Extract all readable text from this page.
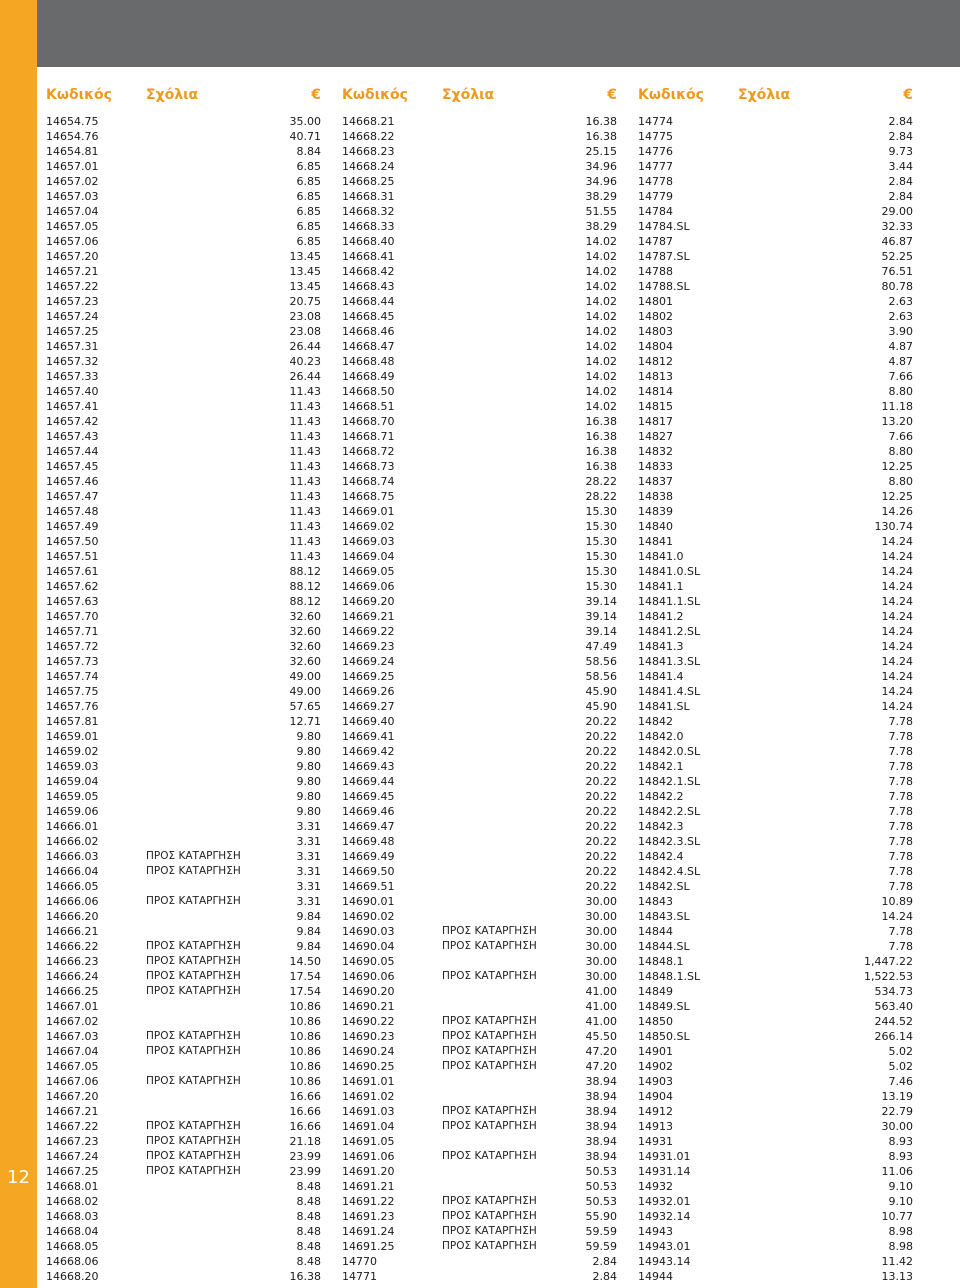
12
Κωδικός	Σχόλια	€
14654.75	35.00
14654.76	40.71
14654.81	8.84
14657.01	6.85
14657.02	6.85
14657.03	6.85
14657.04	6.85
14657.05	6.85
14657.06	6.85
14657.20	13.45
14657.21	13.45
14657.22	13.45
14657.23	20.75
14657.24	23.08
14657.25	23.08
14657.31	26.44
14657.32	40.23
14657.33	26.44
14657.40	11.43
14657.41	11.43
14657.42	11.43
14657.43	11.43
14657.44	11.43
14657.45	11.43
14657.46	11.43
14657.47	11.43
14657.48	11.43
14657.49	11.43
14657.50	11.43
14657.51	11.43
14657.61	88.12
14657.62	88.12
14657.63	88.12
14657.70	32.60
14657.71	32.60
14657.72	32.60
14657.73	32.60
14657.74	49.00
14657.75	49.00
14657.76	57.65
14657.81	12.71
14659.01	9.80
14659.02	9.80
14659.03	9.80
14659.04	9.80
14659.05	9.80
14659.06	9.80
14666.01	3.31
14666.02	3.31
14666.03	ΠΡΟΣ ΚΑΤΑΡΓΗΣΗ	3.31
14666.04	ΠΡΟΣ ΚΑΤΑΡΓΗΣΗ	3.31
14666.05	3.31
14666.06	ΠΡΟΣ ΚΑΤΑΡΓΗΣΗ	3.31
14666.20	9.84
14666.21	9.84
14666.22	ΠΡΟΣ ΚΑΤΑΡΓΗΣΗ	9.84
14666.23	ΠΡΟΣ ΚΑΤΑΡΓΗΣΗ	14.50
14666.24	ΠΡΟΣ ΚΑΤΑΡΓΗΣΗ	17.54
14666.25	ΠΡΟΣ ΚΑΤΑΡΓΗΣΗ	17.54
14667.01	10.86
14667.02	10.86
14667.03	ΠΡΟΣ ΚΑΤΑΡΓΗΣΗ	10.86
14667.04	ΠΡΟΣ ΚΑΤΑΡΓΗΣΗ	10.86
14667.05	10.86
14667.06	ΠΡΟΣ ΚΑΤΑΡΓΗΣΗ	10.86
14667.20	16.66
14667.21	16.66
14667.22	ΠΡΟΣ ΚΑΤΑΡΓΗΣΗ	16.66
14667.23	ΠΡΟΣ ΚΑΤΑΡΓΗΣΗ	21.18
14667.24	ΠΡΟΣ ΚΑΤΑΡΓΗΣΗ	23.99
14667.25	ΠΡΟΣ ΚΑΤΑΡΓΗΣΗ	23.99
14668.01	8.48
14668.02	8.48
14668.03	8.48
14668.04	8.48
14668.05	8.48
14668.06	8.48
14668.20	16.38
Κωδικός	Σχόλια	€
14668.21	16.38
14668.22	16.38
14668.23	25.15
14668.24	34.96
14668.25	34.96
14668.31	38.29
14668.32	51.55
14668.33	38.29
14668.40	14.02
14668.41	14.02
14668.42	14.02
14668.43	14.02
14668.44	14.02
14668.45	14.02
14668.46	14.02
14668.47	14.02
14668.48	14.02
14668.49	14.02
14668.50	14.02
14668.51	14.02
14668.70	16.38
14668.71	16.38
14668.72	16.38
14668.73	16.38
14668.74	28.22
14668.75	28.22
14669.01	15.30
14669.02	15.30
14669.03	15.30
14669.04	15.30
14669.05	15.30
14669.06	15.30
14669.20	39.14
14669.21	39.14
14669.22	39.14
14669.23	47.49
14669.24	58.56
14669.25	58.56
14669.26	45.90
14669.27	45.90
14669.40	20.22
14669.41	20.22
14669.42	20.22
14669.43	20.22
14669.44	20.22
14669.45	20.22
14669.46	20.22
14669.47	20.22
14669.48	20.22
14669.49	20.22
14669.50	20.22
14669.51	20.22
14690.01	30.00
14690.02	30.00
14690.03	ΠΡΟΣ ΚΑΤΑΡΓΗΣΗ	30.00
14690.04	ΠΡΟΣ ΚΑΤΑΡΓΗΣΗ	30.00
14690.05	30.00
14690.06	ΠΡΟΣ ΚΑΤΑΡΓΗΣΗ	30.00
14690.20	41.00
14690.21	41.00
14690.22	ΠΡΟΣ ΚΑΤΑΡΓΗΣΗ	41.00
14690.23	ΠΡΟΣ ΚΑΤΑΡΓΗΣΗ	45.50
14690.24	ΠΡΟΣ ΚΑΤΑΡΓΗΣΗ	47.20
14690.25	ΠΡΟΣ ΚΑΤΑΡΓΗΣΗ	47.20
14691.01	38.94
14691.02	38.94
14691.03	ΠΡΟΣ ΚΑΤΑΡΓΗΣΗ	38.94
14691.04	ΠΡΟΣ ΚΑΤΑΡΓΗΣΗ	38.94
14691.05	38.94
14691.06	ΠΡΟΣ ΚΑΤΑΡΓΗΣΗ	38.94
14691.20	50.53
14691.21	50.53
14691.22	ΠΡΟΣ ΚΑΤΑΡΓΗΣΗ	50.53
14691.23	ΠΡΟΣ ΚΑΤΑΡΓΗΣΗ	55.90
14691.24	ΠΡΟΣ ΚΑΤΑΡΓΗΣΗ	59.59
14691.25	ΠΡΟΣ ΚΑΤΑΡΓΗΣΗ	59.59
14770	2.84
14771	2.84
Κωδικός	Σχόλια	€
14774	2.84
14775	2.84
14776	9.73
14777	3.44
14778	2.84
14779	2.84
14784	29.00
14784.SL	32.33
14787	46.87
14787.SL	52.25
14788	76.51
14788.SL	80.78
14801	2.63
14802	2.63
14803	3.90
14804	4.87
14812	4.87
14813	7.66
14814	8.80
14815	11.18
14817	13.20
14827	7.66
14832	8.80
14833	12.25
14837	8.80
14838	12.25
14839	14.26
14840	130.74
14841	14.24
14841.0	14.24
14841.0.SL	14.24
14841.1	14.24
14841.1.SL	14.24
14841.2	14.24
14841.2.SL	14.24
14841.3	14.24
14841.3.SL	14.24
14841.4	14.24
14841.4.SL	14.24
14841.SL	14.24
14842	7.78
14842.0	7.78
14842.0.SL	7.78
14842.1	7.78
14842.1.SL	7.78
14842.2	7.78
14842.2.SL	7.78
14842.3	7.78
14842.3.SL	7.78
14842.4	7.78
14842.4.SL	7.78
14842.SL	7.78
14843	10.89
14843.SL	14.24
14844	7.78
14844.SL	7.78
14848.1	1,447.22
14848.1.SL	1,522.53
14849	534.73
14849.SL	563.40
14850	244.52
14850.SL	266.14
14901	5.02
14902	5.02
14903	7.46
14904	13.19
14912	22.79
14913	30.00
14931	8.93
14931.01	8.93
14931.14	11.06
14932	9.10
14932.01	9.10
14932.14	10.77
14943	8.98
14943.01	8.98
14943.14	11.42
14944	13.13
